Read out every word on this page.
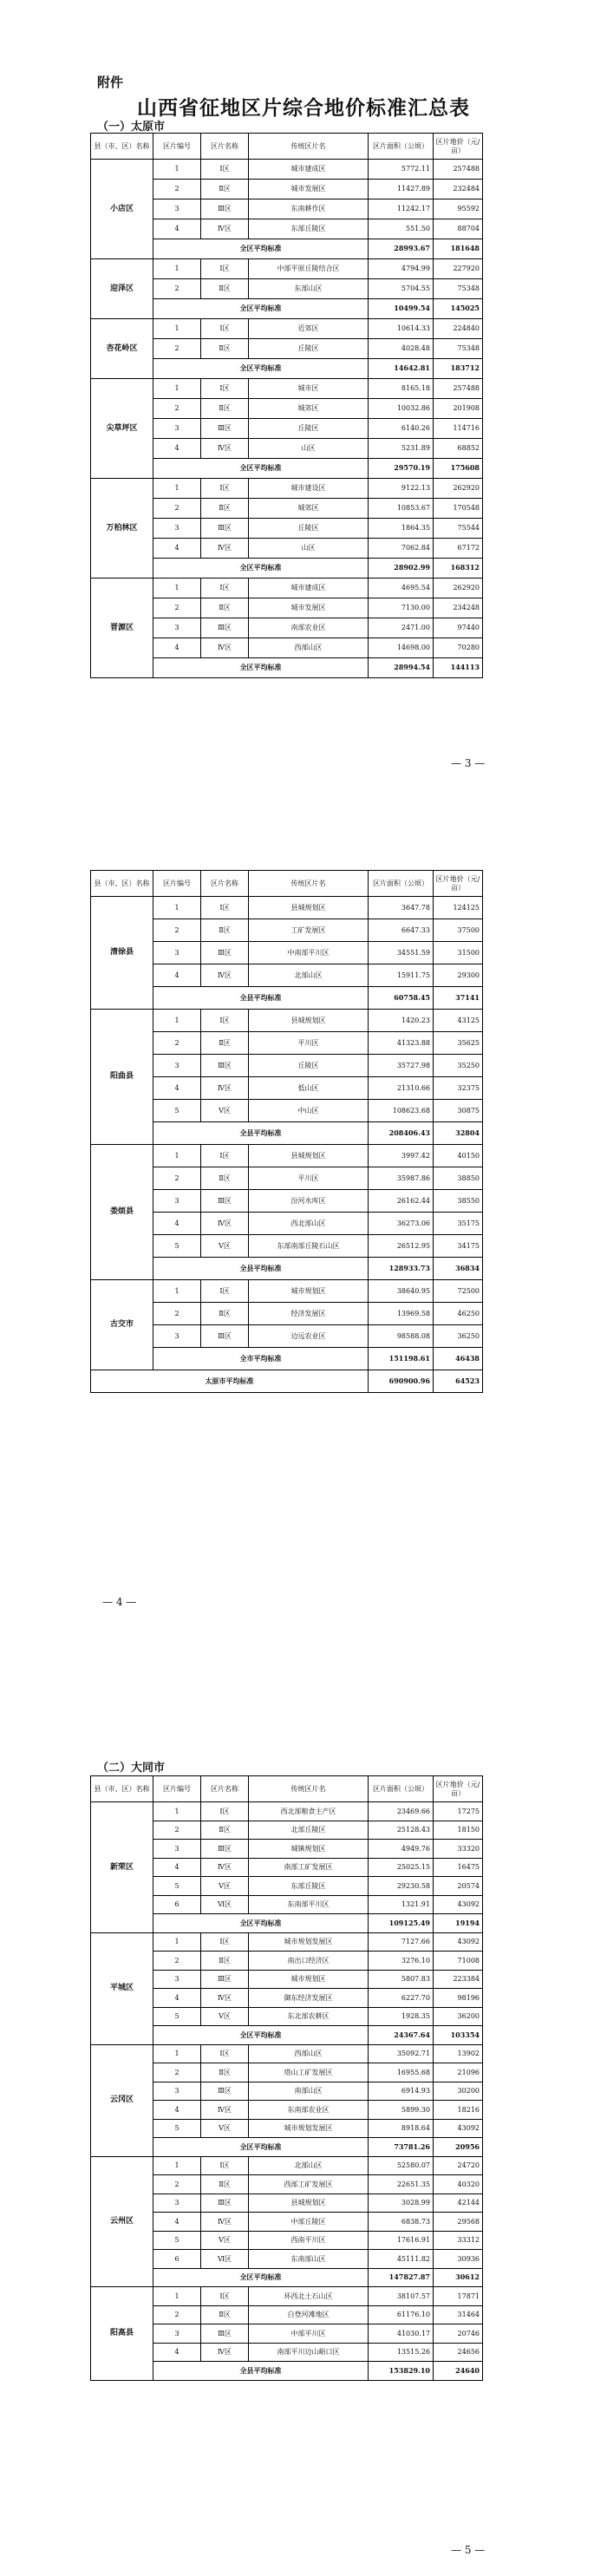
附件
山西省征地区片综合地价标准汇总表
（一）太原市
（二）大同市
县（市、区）名称	区片编号	区片名称	传统区片名	区片面积（公顷）	区片地价（元/亩）
小店区	1	Ⅰ区	城市建成区	5772.11	257488
	2	Ⅱ区	城市发展区	11427.89	232484
	3	Ⅲ区	东南耕作区	11242.17	95592
	4	Ⅳ区	东部丘陵区	551.50	88704
	全区平均标准			28993.67	181648
迎泽区	1	Ⅰ区	中部平原丘陵结合区	4794.99	227920
	2	Ⅱ区	东部山区	5704.55	75348
	全区平均标准			10499.54	145025
杏花岭区	1	Ⅰ区	近郊区	10614.33	224840
	2	Ⅱ区	丘陵区	4028.48	75348
	全区平均标准			14642.81	183712
尖草坪区	1	Ⅰ区	城市区	8165.18	257488
	2	Ⅱ区	城郊区	10032.86	201908
	3	Ⅲ区	丘陵区	6140.26	114716
	4	Ⅳ区	山区	5231.89	68852
	全区平均标准			29570.19	175608
万柏林区	1	Ⅰ区	城市建设区	9122.13	262920
	2	Ⅱ区	城郊区	10853.67	170548
	3	Ⅲ区	丘陵区	1864.35	75544
	4	Ⅳ区	山区	7062.84	67172
	全区平均标准			28902.99	168312
晋源区	1	Ⅰ区	城市建成区	4695.54	262920
	2	Ⅱ区	城市发展区	7130.00	234248
	3	Ⅲ区	南部农业区	2471.00	97440
	4	Ⅳ区	西部山区	14698.00	70280
	全区平均标准			28994.54	144113
县（市、区）名称	区片编号	区片名称	传统区片名	区片面积（公顷）	区片地价（元/亩）
清徐县	1	Ⅰ区	县城规划区	3647.78	124125
	2	Ⅱ区	工矿发展区	6647.33	37500
	3	Ⅲ区	中南部平川区	34551.59	31500
	4	Ⅳ区	北部山区	15911.75	29300
	全县平均标准			60758.45	37141
阳曲县	1	Ⅰ区	县城规划区	1420.23	43125
	2	Ⅱ区	平川区	41323.88	35625
	3	Ⅲ区	丘陵区	35727.98	35250
	4	Ⅳ区	低山区	21310.66	32375
	5	Ⅴ区	中山区	108623.68	30875
	全县平均标准			208406.43	32804
娄烦县	1	Ⅰ区	县城规划区	3997.42	40150
	2	Ⅱ区	平川区	35987.86	38850
	3	Ⅲ区	汾河水库区	26162.44	38550
	4	Ⅳ区	西北部山区	36273.06	35175
	5	Ⅴ区	东部南部丘陵石山区	26512.95	34175
	全县平均标准			128933.73	36834
古交市	1	Ⅰ区	城市规划区	38640.95	72500
	2	Ⅱ区	经济发展区	13969.58	46250
	3	Ⅲ区	边远农业区	98588.08	36250
	全市平均标准			151198.61	46438
太原市平均标准				690900.96	64523
县（市、区）名称	区片编号	区片名称	传统区片名	区片面积（公顷）	区片地价（元/亩）
新荣区	1	Ⅰ区	西北部粮食主产区	23469.66	17275
	2	Ⅱ区	北部丘陵区	25128.43	18150
	3	Ⅲ区	城镇规划区	4949.76	33320
	4	Ⅳ区	南部工矿发展区	25025.15	16475
	5	Ⅴ区	东部丘陵区	29230.58	20574
	6	Ⅵ区	东南部平川区	1321.91	43092
	全区平均标准			109125.49	19194
平城区	1	Ⅰ区	城市规划发展区	7127.66	43092
	2	Ⅱ区	南出口经济区	3276.10	71008
	3	Ⅲ区	城市规划区	5807.83	223384
	4	Ⅳ区	御东经济发展区	6227.70	98196
	5	Ⅴ区	东北部农耕区	1928.35	36200
	全区平均标准			24367.64	103354
云冈区	1	Ⅰ区	西部山区	35092.71	13902
	2	Ⅱ区	塔山工矿发展区	16955.68	21096
	3	Ⅲ区	南部山区	6914.93	30200
	4	Ⅳ区	东南部农业区	5899.30	18216
	5	Ⅴ区	城市规划发展区	8918.64	43092
	全区平均标准			73781.26	20956
云州区	1	Ⅰ区	北部山区	52580.07	24720
	2	Ⅱ区	西部工矿发展区	22651.35	40320
	3	Ⅲ区	县城规划区	3028.99	42144
	4	Ⅳ区	中部丘陵区	6838.73	29568
	5	Ⅴ区	西南平川区	17616.91	33312
	6	Ⅵ区	东南部山区	45111.82	30936
	全区平均标准			147827.87	30612
阳高县	1	Ⅰ区	环西北土石山区	38107.57	17871
	2	Ⅱ区	白登河滩地区	61176.10	31464
	3	Ⅲ区	中部平川区	41030.17	20746
	4	Ⅳ区	南部平川边山峪口区	13515.26	24656
	全县平均标准			153829.10	24640
— 3 —
— 4 —
— 5 —
